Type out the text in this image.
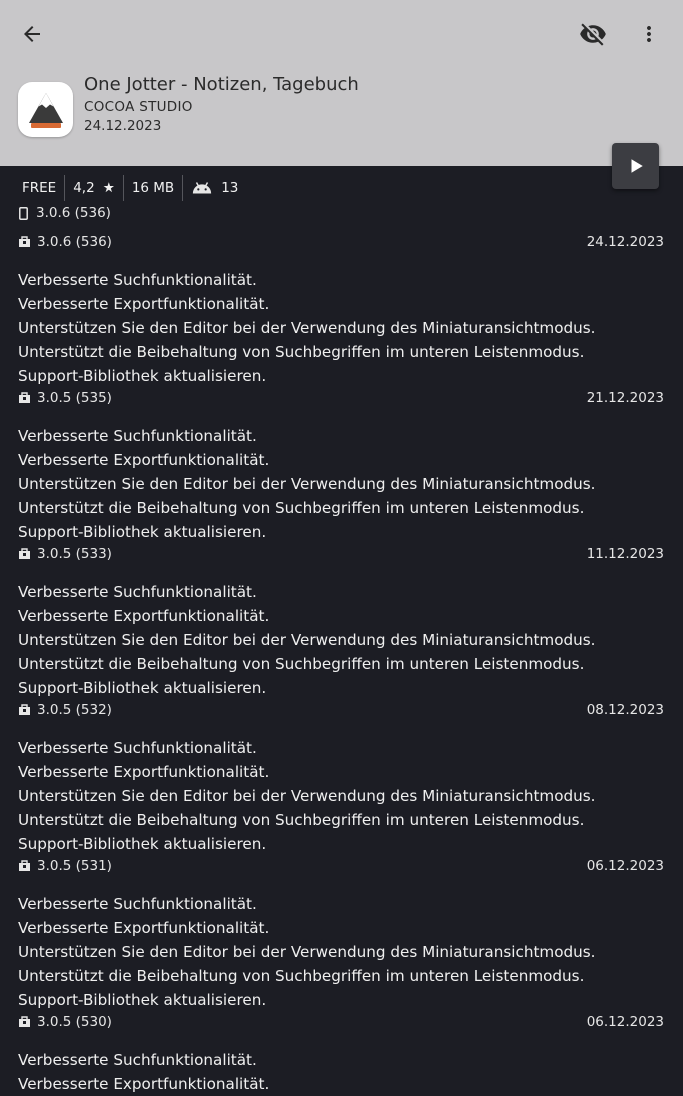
One Jotter - Notizen, Tagebuch
COCOA STUDIO
24.12.2023
FREE 4,2 ★ 16 MB	13
3.0.6 (536)
3.0.6 (536)	24.12.2023
Verbesserte Suchfunktionalität.
Verbesserte Exportfunktionalität.
Unterstützen Sie den Editor bei der Verwendung des Miniaturansichtmodus.
Unterstützt die Beibehaltung von Suchbegriffen im unteren Leistenmodus.
Support-Bibliothek aktualisieren.
3.0.5 (535)	21.12.2023
Verbesserte Suchfunktionalität.
Verbesserte Exportfunktionalität.
Unterstützen Sie den Editor bei der Verwendung des Miniaturansichtmodus.
Unterstützt die Beibehaltung von Suchbegriffen im unteren Leistenmodus.
Support-Bibliothek aktualisieren.
3.0.5 (533)	11.12.2023
Verbesserte Suchfunktionalität.
Verbesserte Exportfunktionalität.
Unterstützen Sie den Editor bei der Verwendung des Miniaturansichtmodus.
Unterstützt die Beibehaltung von Suchbegriffen im unteren Leistenmodus.
Support-Bibliothek aktualisieren.
3.0.5 (532)	08.12.2023
Verbesserte Suchfunktionalität.
Verbesserte Exportfunktionalität.
Unterstützen Sie den Editor bei der Verwendung des Miniaturansichtmodus.
Unterstützt die Beibehaltung von Suchbegriffen im unteren Leistenmodus.
Support-Bibliothek aktualisieren.
3.0.5 (531)	06.12.2023
Verbesserte Suchfunktionalität.
Verbesserte Exportfunktionalität.
Unterstützen Sie den Editor bei der Verwendung des Miniaturansichtmodus.
Unterstützt die Beibehaltung von Suchbegriffen im unteren Leistenmodus.
Support-Bibliothek aktualisieren.
3.0.5 (530)	06.12.2023
Verbesserte Suchfunktionalität.
Verbesserte Exportfunktionalität.
